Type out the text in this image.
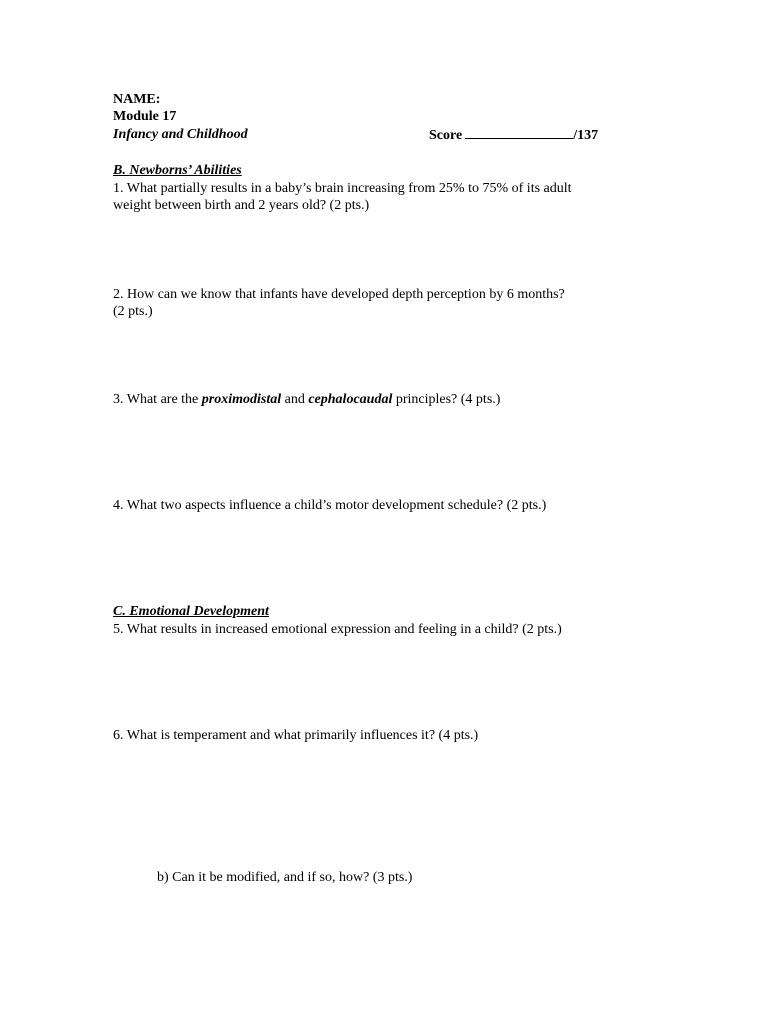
NAME:
Module 17
Infancy and Childhood	Score	/137
B. Newborns’ Abilities
1. What partially results in a baby’s brain increasing from 25% to 75% of its adult
weight between birth and 2 years old? (2 pts.)
2. How can we know that infants have developed depth perception by 6 months?
(2 pts.)
3. What are the proximodistal and cephalocaudal principles? (4 pts.)
4. What two aspects influence a child’s motor development schedule? (2 pts.)
C. Emotional Development
5. What results in increased emotional expression and feeling in a child? (2 pts.)
6. What is temperament and what primarily influences it? (4 pts.)
b) Can it be modified, and if so, how? (3 pts.)
